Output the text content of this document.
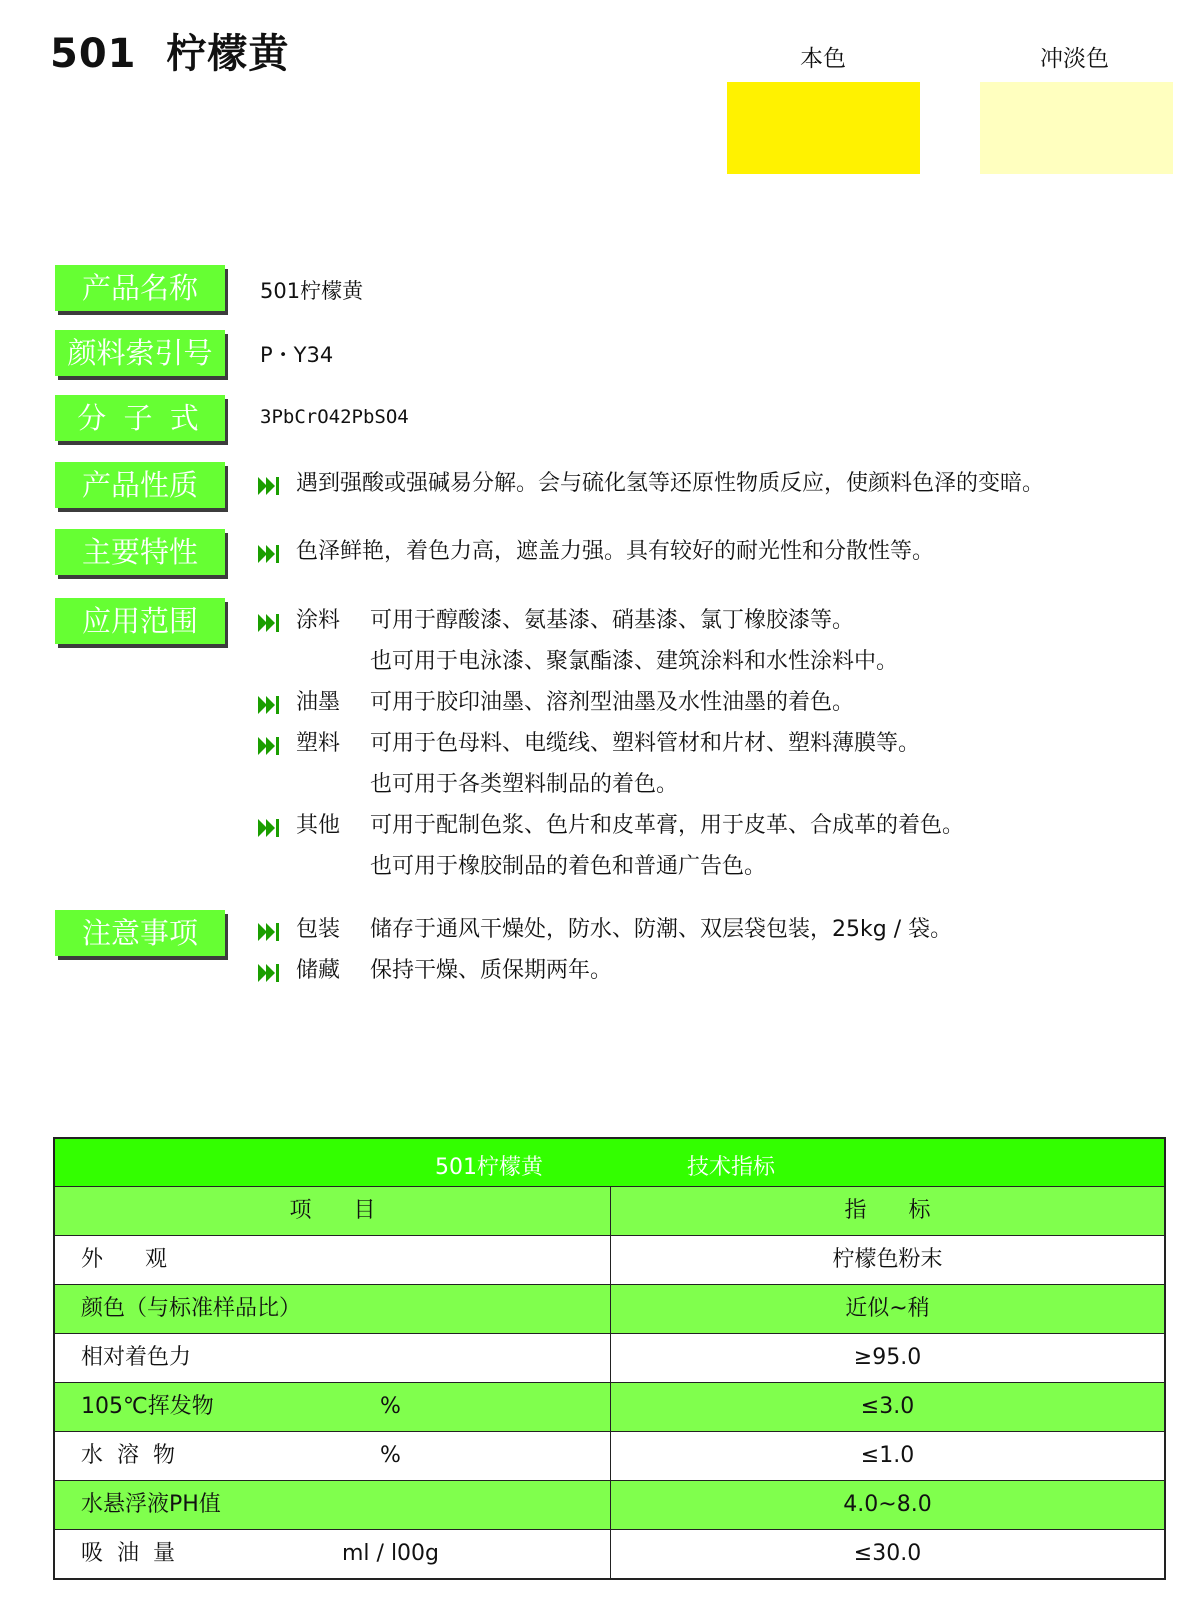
501  柠檬黄	本色	冲淡色
产品名称	501柠檬黄
颜料索引号	P・Y34
分 子 式	3PbCrO42PbSO4
产品性质	遇到强酸或强碱易分解。会与硫化氢等还原性物质反应，使颜料色泽的变暗。
主要特性	色泽鲜艳，着色力高，遮盖力强。具有较好的耐光性和分散性等。
应用范围	涂料 可用于醇酸漆、氨基漆、硝基漆、氯丁橡胶漆等。
也可用于电泳漆、聚氯酯漆、建筑涂料和水性涂料中。
油墨 可用于胶印油墨、溶剂型油墨及水性油墨的着色。
塑料 可用于色母料、电缆线、塑料管材和片材、塑料薄膜等。
也可用于各类塑料制品的着色。
其他 可用于配制色浆、色片和皮革膏，用于皮革、合成革的着色。
也可用于橡胶制品的着色和普通广告色。
注意事项	包装 储存于通风干燥处，防水、防潮、双层袋包装，25kg / 袋。
储藏 保持干燥、质保期两年。
501柠檬黄	技术指标
项      目	指      标
外      观	柠檬色粉末
颜色（与标准样品比）	近似~稍
相对着色力	≥95.0
105℃挥发物	%	≤3.0
水  溶  物	%	≤1.0
水悬浮液PH值	4.0~8.0
吸  油  量	ml / l00g	≤30.0
